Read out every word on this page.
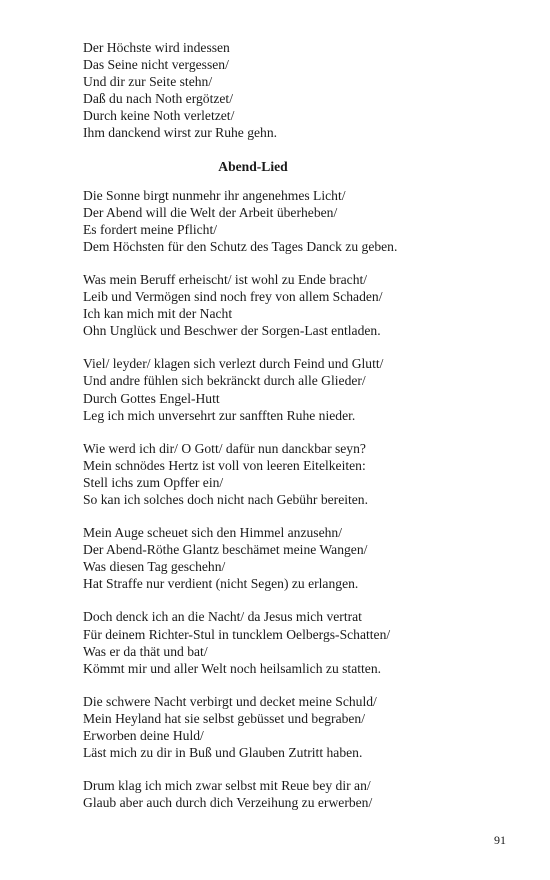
Der Höchste wird indessen
Das Seine nicht vergessen/
Und dir zur Seite stehn/
Daß du nach Noth ergötzet/
Durch keine Noth verletzet/
Ihm danckend wirst zur Ruhe gehn.
Abend-Lied
Die Sonne birgt nunmehr ihr angenehmes Licht/
Der Abend will die Welt der Arbeit überheben/
Es fordert meine Pflicht/
Dem Höchsten für den Schutz des Tages Danck zu geben.
Was mein Beruff erheischt/ ist wohl zu Ende bracht/
Leib und Vermögen sind noch frey von allem Schaden/
Ich kan mich mit der Nacht
Ohn Unglück und Beschwer der Sorgen-Last entladen.
Viel/ leyder/ klagen sich verlezt durch Feind und Glutt/
Und andre fühlen sich bekränckt durch alle Glieder/
Durch Gottes Engel-Hutt
Leg ich mich unversehrt zur sanfften Ruhe nieder.
Wie werd ich dir/ O Gott/ dafür nun danckbar seyn?
Mein schnödes Hertz ist voll von leeren Eitelkeiten:
Stell ichs zum Opffer ein/
So kan ich solches doch nicht nach Gebühr bereiten.
Mein Auge scheuet sich den Himmel anzusehn/
Der Abend-Röthe Glantz beschämet meine Wangen/
Was diesen Tag geschehn/
Hat Straffe nur verdient (nicht Segen) zu erlangen.
Doch denck ich an die Nacht/ da Jesus mich vertrat
Für deinem Richter-Stul in tuncklem Oelbergs-Schatten/
Was er da thät und bat/
Kömmt mir und aller Welt noch heilsamlich zu statten.
Die schwere Nacht verbirgt und decket meine Schuld/
Mein Heyland hat sie selbst gebüsset und begraben/
Erworben deine Huld/
Läst mich zu dir in Buß und Glauben Zutritt haben.
Drum klag ich mich zwar selbst mit Reue bey dir an/
Glaub aber auch durch dich Verzeihung zu erwerben/
91
